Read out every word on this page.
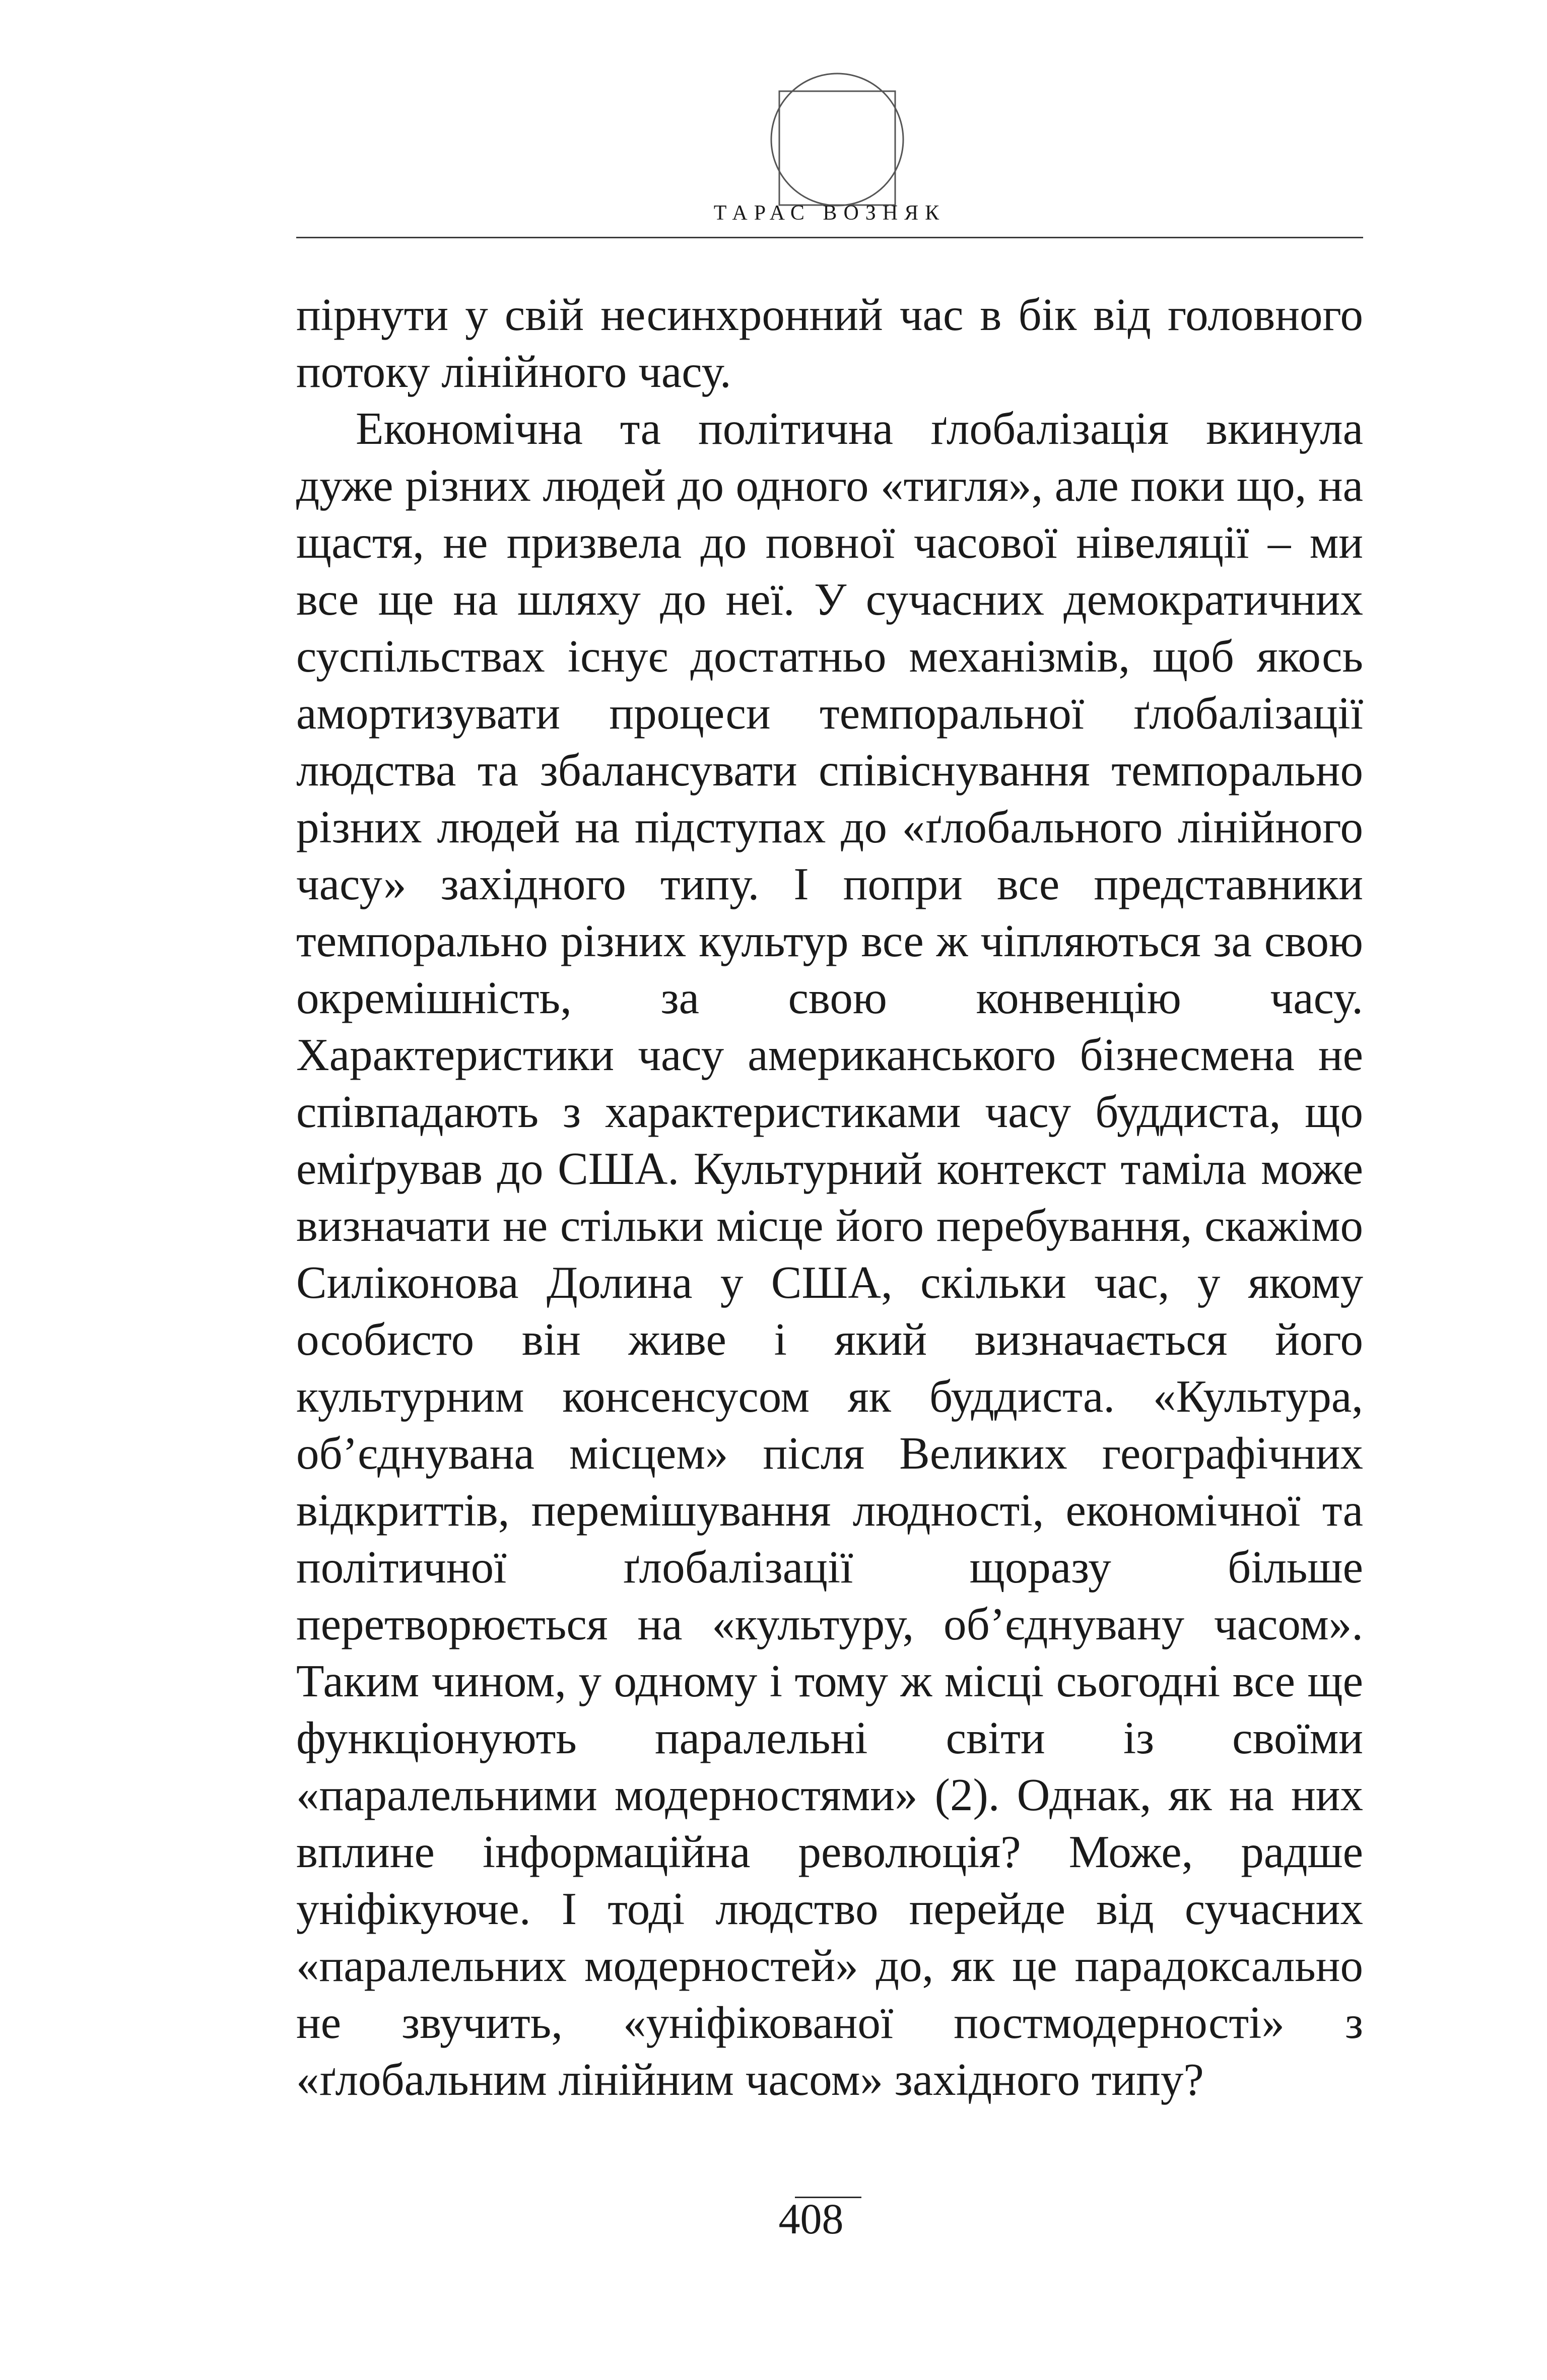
ТАРАС ВОЗНЯК

пірнути у свій несинхронний час в бік від головного потоку лінійного часу.

Економічна та політична ґлобалізація вкинула дуже різних людей до одного «тигля», але поки що, на щастя, не призвела до повної часової нівеляції – ми все ще на шляху до неї. У сучасних демократичних суспільствах існує достатньо механізмів, щоб якось амортизувати процеси темпоральної ґлобалізації людства та збалансувати співіснування темпорально різних людей на підступах до «ґлобального лінійного часу» західного типу. І попри все представники темпорально різних культур все ж чіпляються за свою окремішність, за свою конвенцію часу. Характеристики часу американського бізнесмена не співпадають з характеристиками часу буддиста, що еміґрував до США. Культурний контекст таміла може визначати не стільки місце його перебування, скажімо Силіконова Долина у США, скільки час, у якому особисто він живе і який визначається його культурним консенсусом як буддиста. «Культура, об’єднувана місцем» після Великих географічних відкриттів, перемішування людності, економічної та політичної ґлобалізації щоразу більше перетворюється на «культуру, об’єднувану часом». Таким чином, у одному і тому ж місці сьогодні все ще функціонують паралельні світи із своїми «паралельними модерностями» (2). Однак, як на них вплине інформаційна революція? Може, радше уніфікуюче. І тоді людство перейде від сучасних «паралельних модерностей» до, як це парадоксально не звучить, «уніфікованої постмодерності» з «ґлобальним лінійним часом» західного типу?

408
